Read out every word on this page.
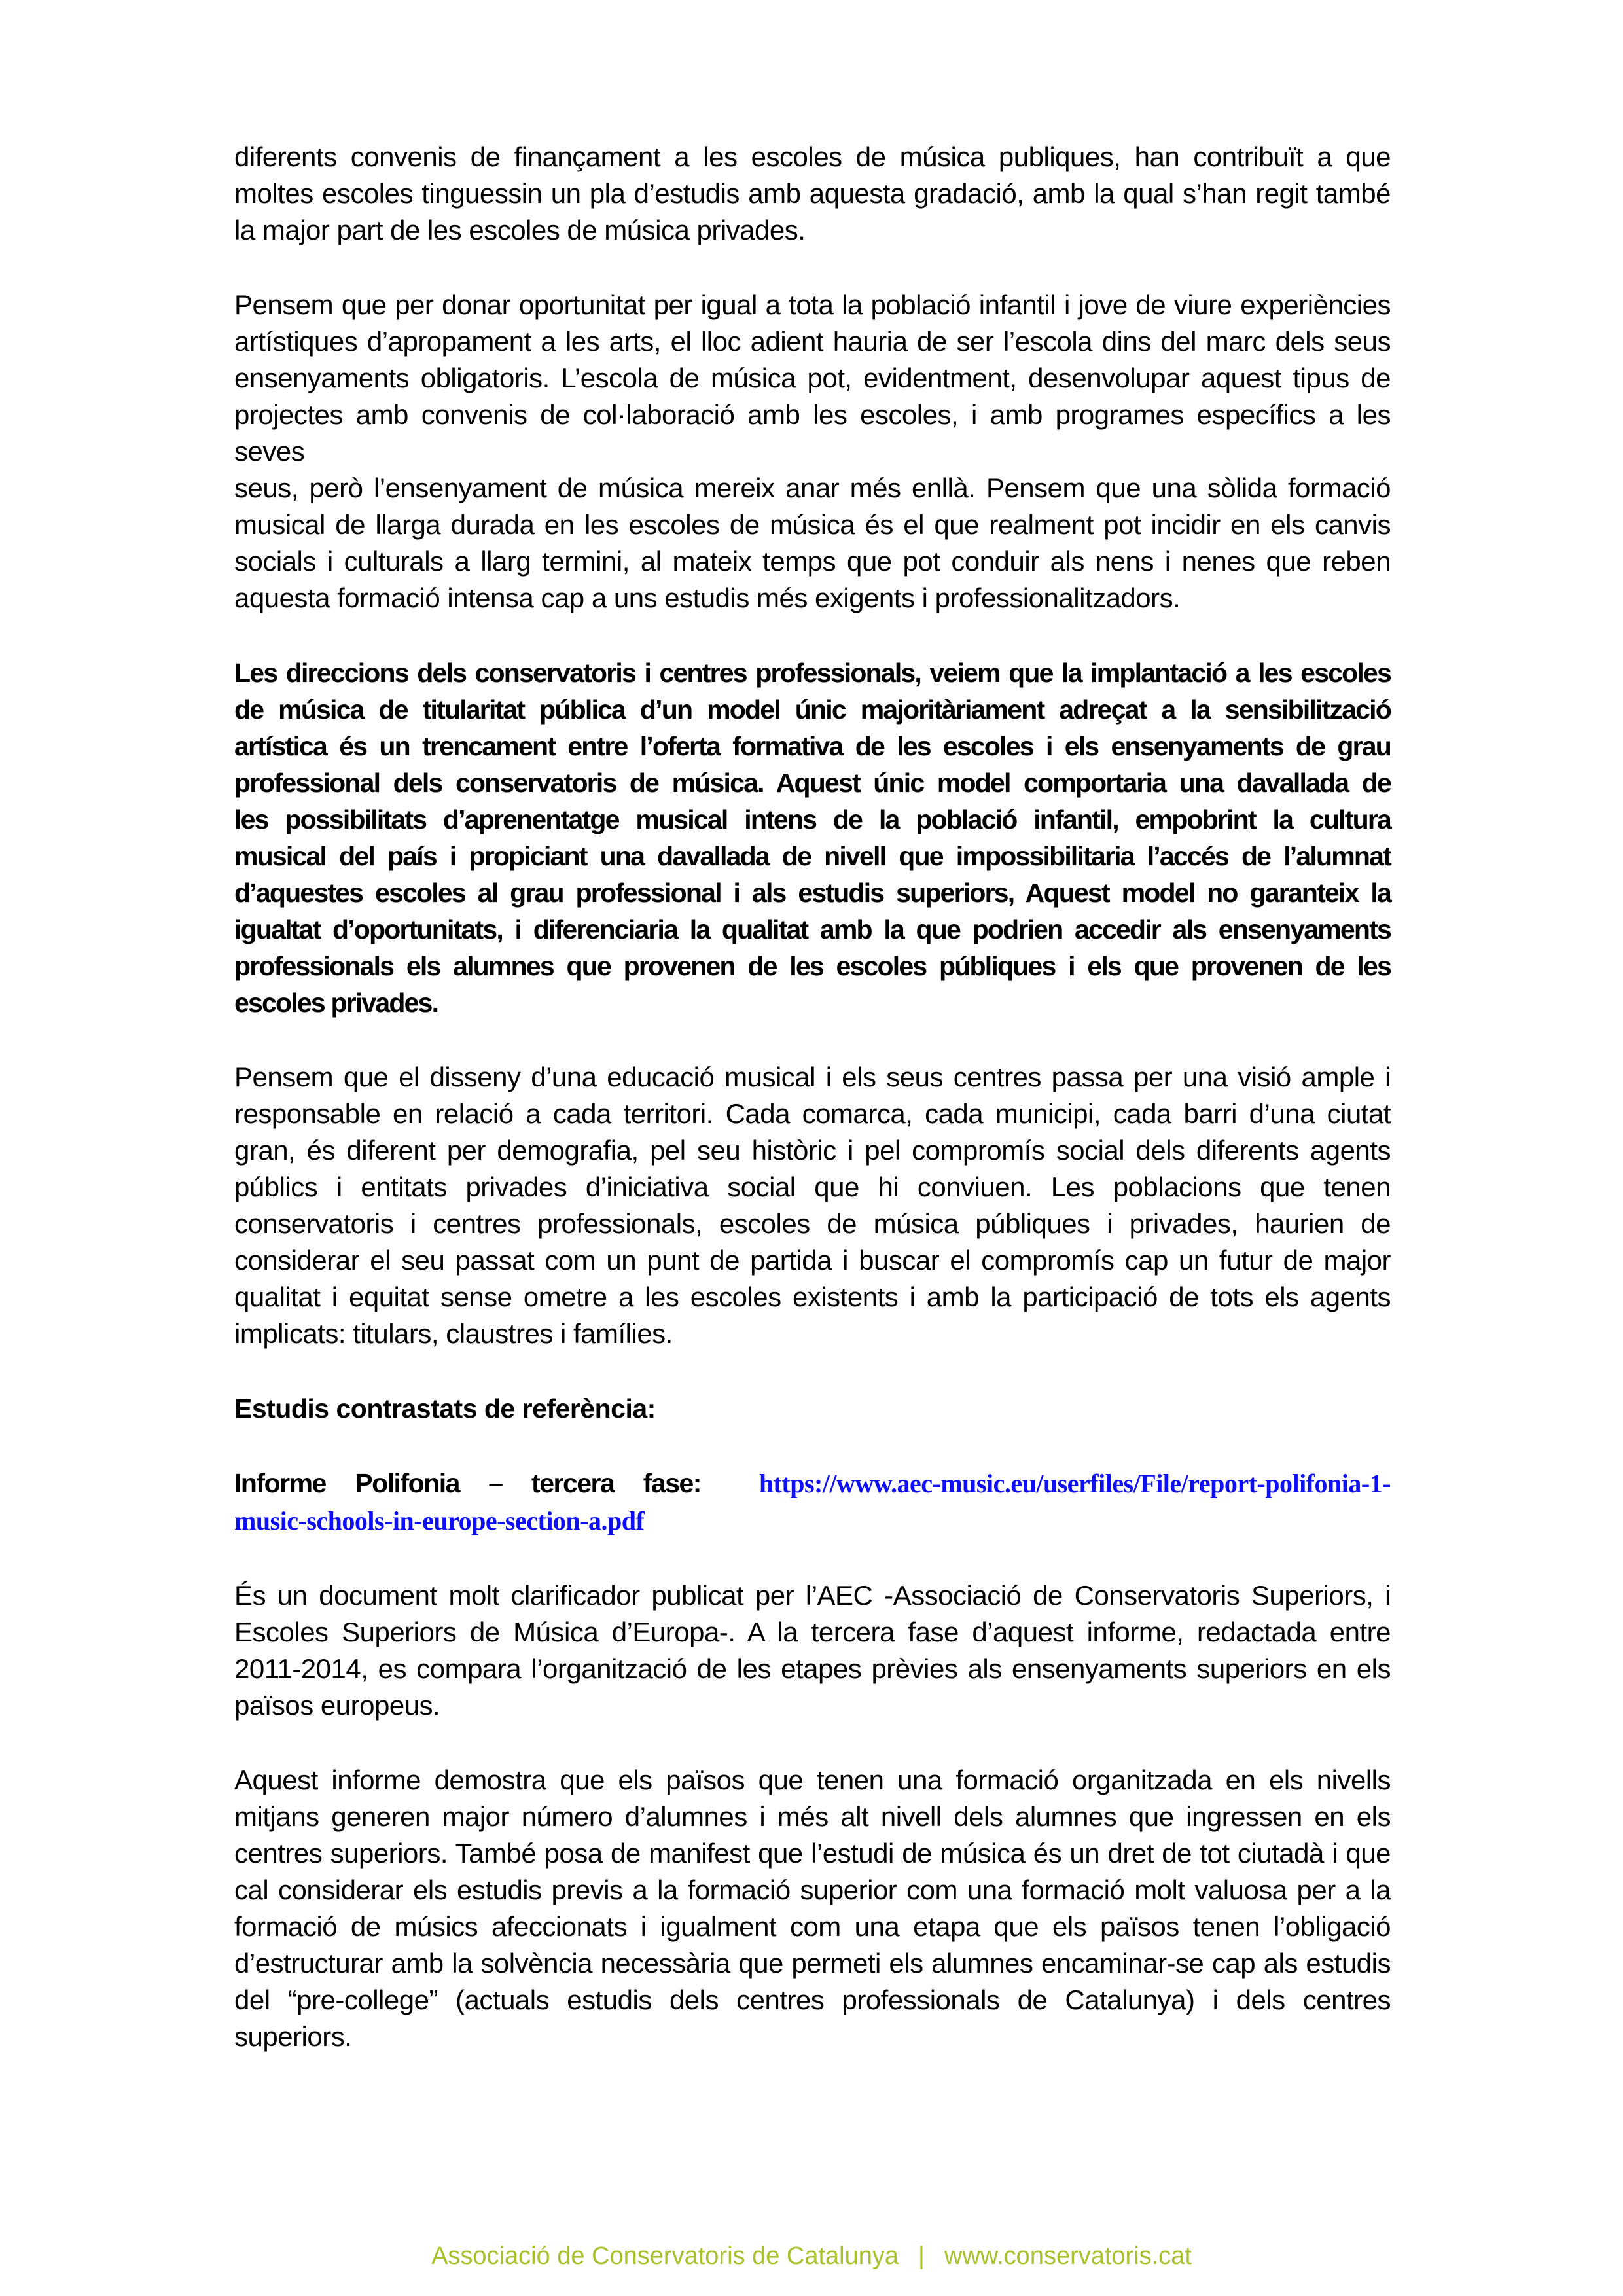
diferents convenis de finançament a les escoles de música publiques, han contribuït a que
moltes escoles tinguessin un pla d’estudis amb aquesta gradació, amb la qual s’han regit també
la major part de les escoles de música privades.
Pensem que per donar oportunitat per igual a tota la població infantil i jove de viure experiències
artístiques d’apropament a les arts, el lloc adient hauria de ser l’escola dins del marc dels seus
ensenyaments obligatoris. L’escola de música pot, evidentment, desenvolupar aquest tipus de
projectes amb convenis de col·laboració amb les escoles, i amb programes específics a les seves
seus, però l’ensenyament de música mereix anar més enllà. Pensem que una sòlida formació
musical de llarga durada en les escoles de música és el que realment pot incidir en els canvis
socials i culturals a llarg termini, al mateix temps que pot conduir als nens i nenes que reben
aquesta formació intensa cap a uns estudis més exigents i professionalitzadors.
Les direccions dels conservatoris i centres professionals, veiem que la implantació a les escoles
de música de titularitat pública d’un model únic majoritàriament adreçat a la sensibilització
artística és un trencament entre l’oferta formativa de les escoles i els ensenyaments de grau
professional dels conservatoris de música. Aquest únic model comportaria una davallada de
les possibilitats d’aprenentatge musical intens de la població infantil, empobrint la cultura
musical del país i propiciant una davallada de nivell que impossibilitaria l’accés de l’alumnat
d’aquestes escoles al grau professional i als estudis superiors, Aquest model no garanteix la
igualtat d’oportunitats, i diferenciaria la qualitat amb la que podrien accedir als ensenyaments
professionals els alumnes que provenen de les escoles públiques i els que provenen de les
escoles privades.
Pensem que el disseny d’una educació musical i els seus centres passa per una visió ample i
responsable en relació a cada territori. Cada comarca, cada municipi, cada barri d’una ciutat
gran, és diferent per demografia, pel seu històric i pel compromís social dels diferents agents
públics i entitats privades d’iniciativa social que hi conviuen. Les poblacions que tenen
conservatoris i centres professionals, escoles de música públiques i privades, haurien de
considerar el seu passat com un punt de partida i buscar el compromís cap un futur de major
qualitat i equitat sense ometre a les escoles existents i amb la participació de tots els agents
implicats: titulars, claustres i famílies.
Estudis contrastats de referència:
Informe Polifonia – tercera fase:  https://www.aec-music.eu/userfiles/File/report-polifonia-1-
music-schools-in-europe-section-a.pdf
És un document molt clarificador publicat per l’AEC -Associació de Conservatoris Superiors, i
Escoles Superiors de Música d’Europa-. A la tercera fase d’aquest informe, redactada entre
2011-2014, es compara l’organització de les etapes prèvies als ensenyaments superiors en els
països europeus.
Aquest informe demostra que els països que tenen una formació organitzada en els nivells
mitjans generen major número d’alumnes i més alt nivell dels alumnes que ingressen en els
centres superiors. També posa de manifest que l’estudi de música és un dret de tot ciutadà i que
cal considerar els estudis previs a la formació superior com una formació molt valuosa per a la
formació de músics afeccionats i igualment com una etapa que els països tenen l’obligació
d’estructurar amb la solvència necessària que permeti els alumnes encaminar-se cap als estudis
del “pre-college” (actuals estudis dels centres professionals de Catalunya) i dels centres
superiors.
Associació de Conservatoris de Catalunya | www.conservatoris.cat
